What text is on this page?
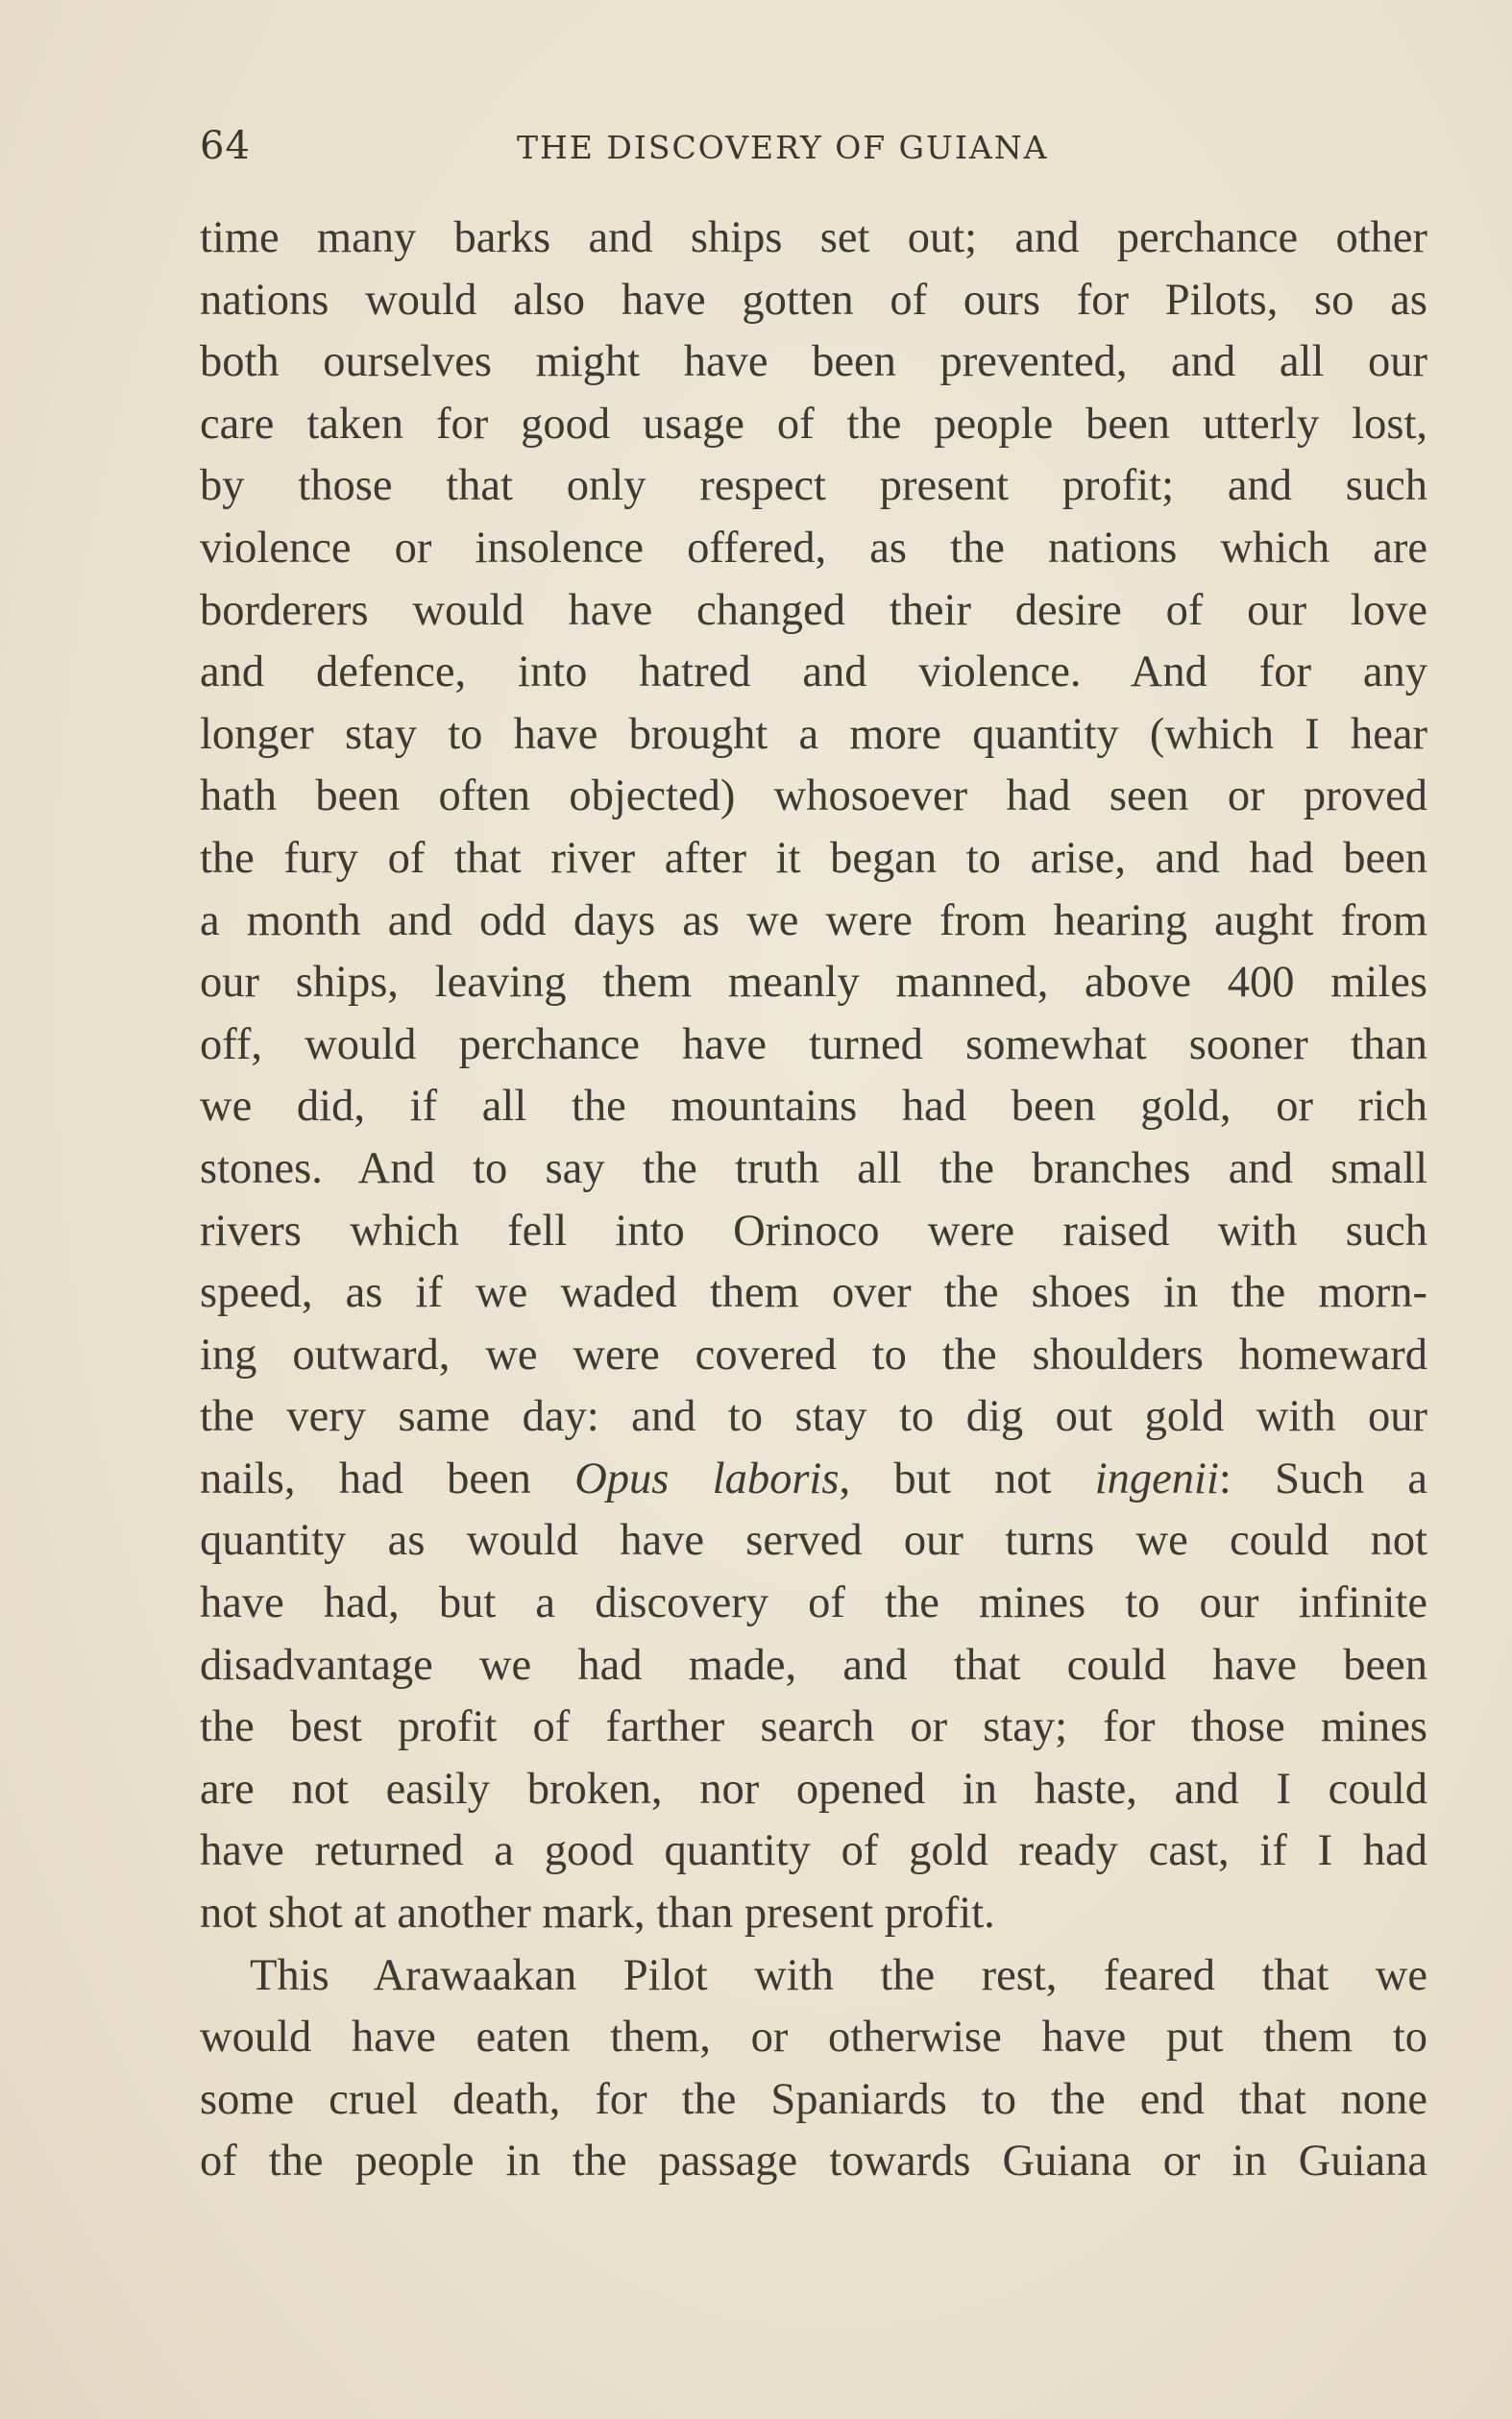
64	THE DISCOVERY OF GUIANA
time many barks and ships set out; and perchance other
nations would also have gotten of ours for Pilots, so as
both ourselves might have been prevented, and all our
care taken for good usage of the people been utterly lost,
by those that only respect present profit; and such
violence or insolence offered, as the nations which are
borderers would have changed their desire of our love
and defence, into hatred and violence. And for any
longer stay to have brought a more quantity (which I hear
hath been often objected) whosoever had seen or proved
the fury of that river after it began to arise, and had been
a month and odd days as we were from hearing aught from
our ships, leaving them meanly manned, above 400 miles
off, would perchance have turned somewhat sooner than
we did, if all the mountains had been gold, or rich
stones. And to say the truth all the branches and small
rivers which fell into Orinoco were raised with such
speed, as if we waded them over the shoes in the morn-
ing outward, we were covered to the shoulders homeward
the very same day: and to stay to dig out gold with our
nails, had been Opus laboris, but not ingenii: Such a
quantity as would have served our turns we could not
have had, but a discovery of the mines to our infinite
disadvantage we had made, and that could have been
the best profit of farther search or stay; for those mines
are not easily broken, nor opened in haste, and I could
have returned a good quantity of gold ready cast, if I had
not shot at another mark, than present profit.
This Arawaakan Pilot with the rest, feared that we
would have eaten them, or otherwise have put them to
some cruel death, for the Spaniards to the end that none
of the people in the passage towards Guiana or in Guiana
